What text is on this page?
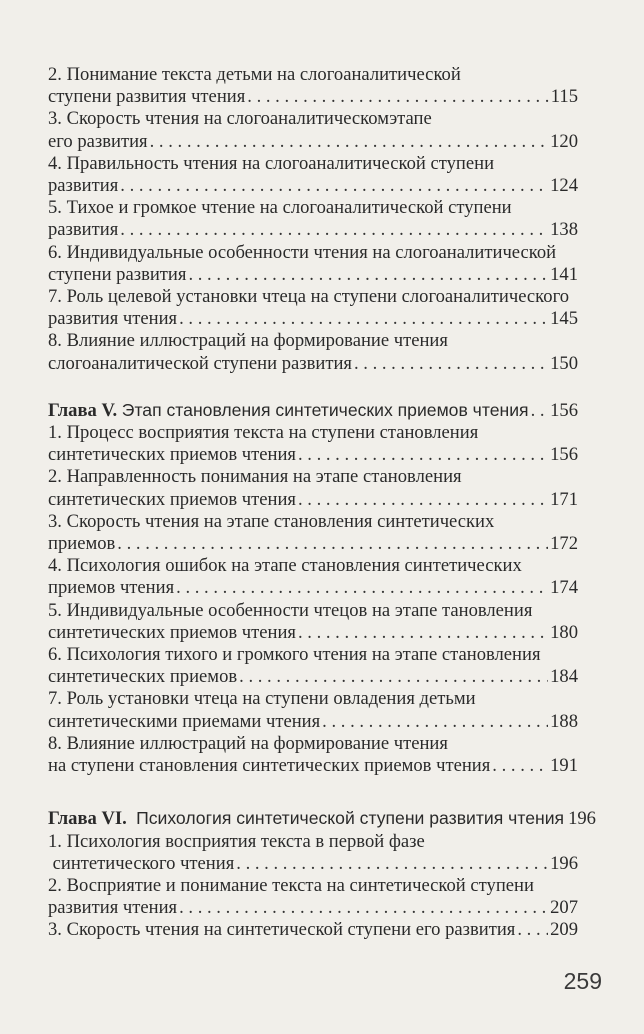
2. Понимание текста детьми на слогоаналитической
ступени развития чтения . . .	115
3. Скорость чтения на слогоаналитическомэтапе
его развития . . .	120
4. Правильность чтения на слогоаналитической ступени
развития . . .	124
5. Тихое и громкое чтение на слогоаналитической ступени
развития . . .	138
6. Индивидуальные особенности чтения на слогоаналитической
ступени развития . . .	141
7. Роль целевой установки чтеца на ступени слогоаналитического
развития чтения . . .	145
8. Влияние иллюстраций на формирование чтения
слогоаналитической ступени развития . . .	150
Глава V. Этап становления синтетических приемов чтения . . . 156
1. Процесс восприятия текста на ступени становления
синтетических приемов чтения . . .	156
2. Направленность понимания на этапе становления
синтетических приемов чтения . . .	171
3. Скорость чтения на этапе становления синтетических
приемов . . .	172
4. Психология ошибок на этапе становления синтетических
приемов чтения . . .	174
5. Индивидуальные особенности чтецов на этапе тановления
синтетических приемов чтения . . .	180
6. Психология тихого и громкого чтения на этапе становления
синтетических приемов . . .	184
7. Роль установки чтеца на ступени овладения детьми
синтетическими приемами чтения . . .	188
8. Влияние иллюстраций на формирование чтения
на ступени становления синтетических приемов чтения . . .	191
Глава VI. Психология синтетической ступени развития чтения 196
1. Психология восприятия текста в первой фазе
синтетического чтения . . .	196
2. Восприятие и понимание текста на синтетической ступени
развития чтения . . .	207
3. Скорость чтения на синтетической ступени его развития . . . 209
259
